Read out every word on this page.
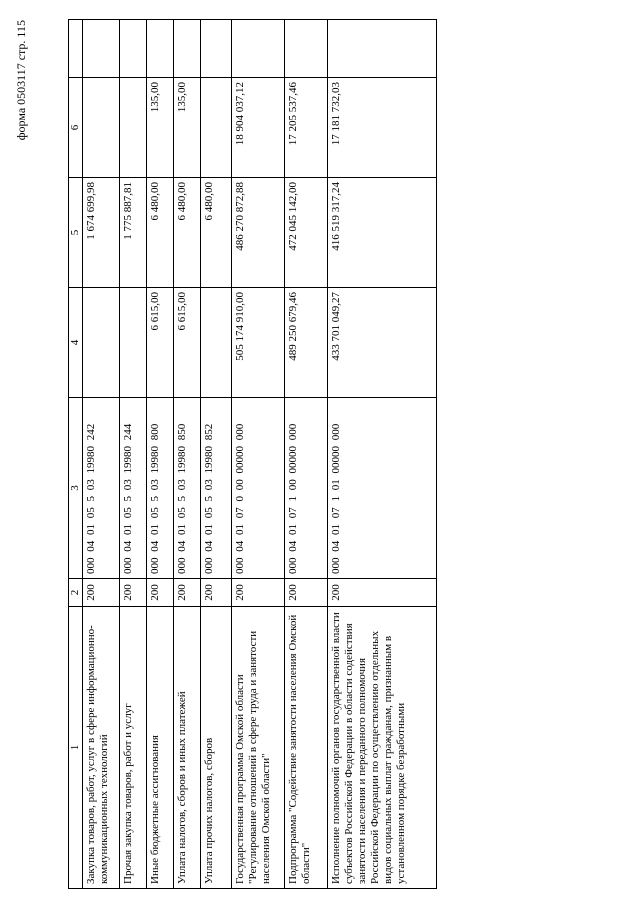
форма 0503117 стр. 115
1	2	3	4	5	6	
Закупка товаров, работ, услуг в сфере информационно-коммуникационных технологий	200	000 04 01 05 5 03 19980 242		1 674 699,98		
Прочая закупка товаров, работ и услуг	200	000 04 01 05 5 03 19980 244		1 775 887,81		
Иные бюджетные ассигнования	200	000 04 01 05 5 03 19980 800	6 615,00	6 480,00	135,00	
Уплата налогов, сборов и иных платежей	200	000 04 01 05 5 03 19980 850	6 615,00	6 480,00	135,00	
Уплата прочих налогов, сборов	200	000 04 01 05 5 03 19980 852		6 480,00		
Государственная программа Омской области "Регулирование отношений в сфере труда и занятости населения Омской области"	200	000 04 01 07 0 00 00000 000	505 174 910,00	486 270 872,88	18 904 037,12	
Подпрограмма "Содействие занятости населения Омской области"	200	000 04 01 07 1 00 00000 000	489 250 679,46	472 045 142,00	17 205 537,46	
Исполнение полномочий органов государственной власти субъектов Российской Федерации в области содействия занятости населения и переданного полномочия Российской Федерации по осуществлению отдельных видов социальных выплат гражданам, признанным в установленном порядке безработными	200	000 04 01 07 1 01 00000 000	433 701 049,27	416 519 317,24	17 181 732,03	
